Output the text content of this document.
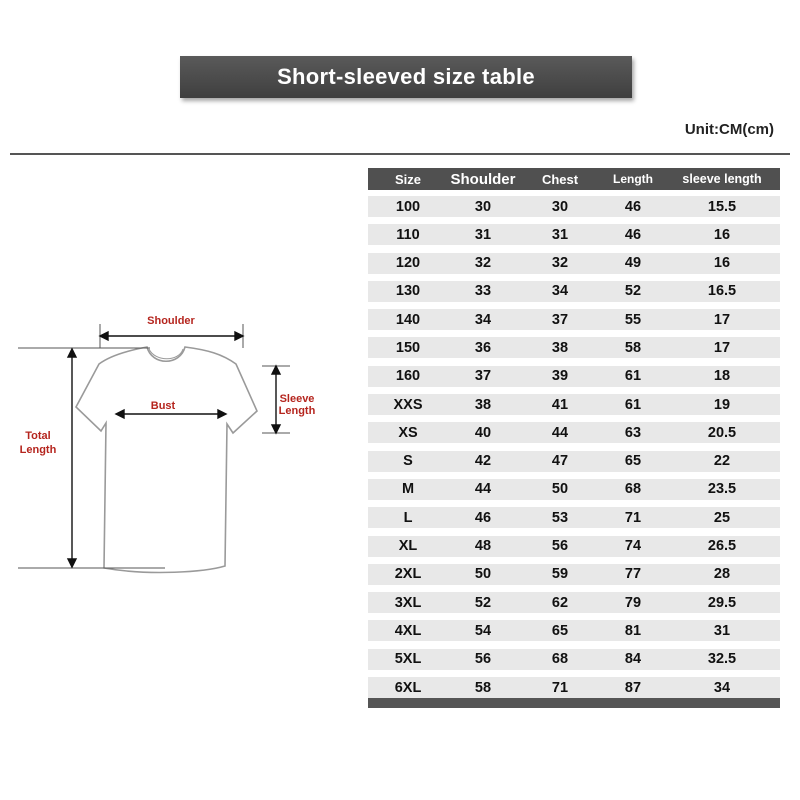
Short-sleeved size table
Unit:CM(cm)
Shoulder
Bust
Sleeve
Length
Total
Length
Size	Shoulder	Chest	Length	sleeve length
100	30	30	46	15.5
110	31	31	46	16
120	32	32	49	16
130	33	34	52	16.5
140	34	37	55	17
150	36	38	58	17
160	37	39	61	18
XXS	38	41	61	19
XS	40	44	63	20.5
S	42	47	65	22
M	44	50	68	23.5
L	46	53	71	25
XL	48	56	74	26.5
2XL	50	59	77	28
3XL	52	62	79	29.5
4XL	54	65	81	31
5XL	56	68	84	32.5
6XL	58	71	87	34
